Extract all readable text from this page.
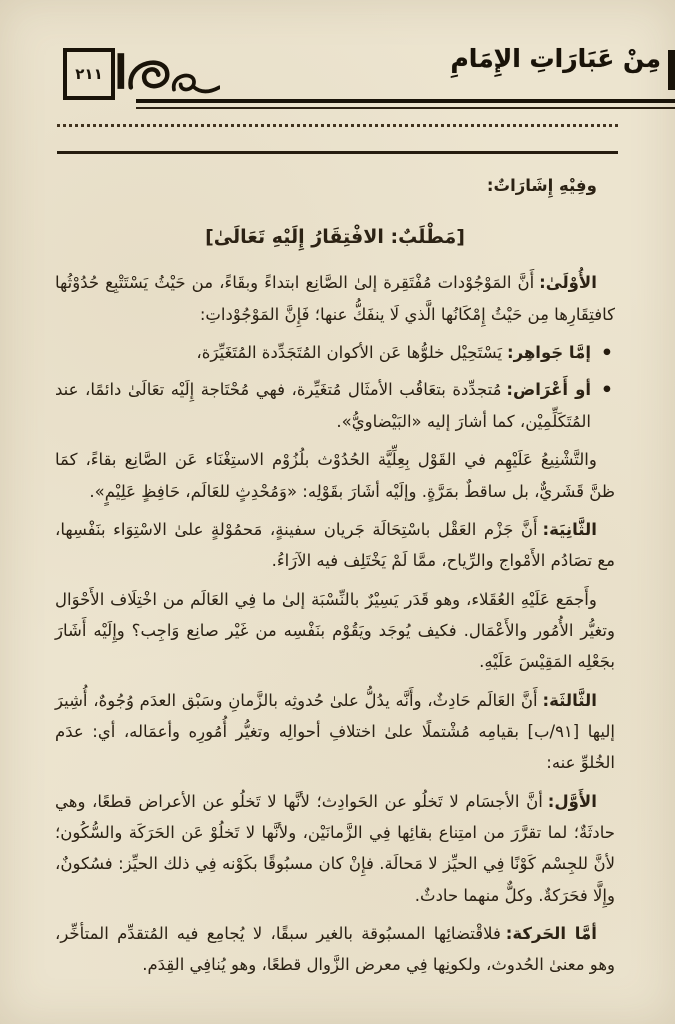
٢١١
مِنْ عَبَارَاتِ الإِمَامِ

وفِيْهِ إِشَارَاتٌ:

[مَطْلَبٌ: الافْتِقَارُ إِلَيْهِ تَعَالَىٰ]

الأُوْلَىٰ:أَنَّ المَوْجُوْدات مُفْتَقِرة إلىٰ الصَّانِع ابتداءً وبقَاءً، من حَيْثُ يَسْتَتْبِع حُدُوْثُها كافتِقَارِها مِن حَيْثُ إِمْكَانُها الَّذي لَا ينفَكُّ عنها؛ فَإِنَّ المَوْجُوْداتِ:

•
إمَّا جَواهِر:يَسْتَحِيْل خلوُّها عَن الأكوان المُتَجَدِّدة المُتَغَيِّرَة،
•
أو أَعْرَاض:مُتجدِّدة بتعَاقُب الأمثَال مُتغَيِّرة، فهي مُحْتَاجة إِلَيْه تعَالَىٰ دائمًا، عند المُتَكَلِّمِيْن، كما أشارَ إليه «البَيْضاويُّ».

والتَّشْنِيعُ عَلَيْهِم في القَوْل بِعِلِّيَّة الحُدُوْث بلُزُوْم الاستِغْنَاء عَن الصَّانِع بقاءً، كمَا ظنَّ قَشَريٌّ، بل ساقطٌ بمَرَّةٍ. وإلَيْه أشَارَ بقَوْلِه: «وَمُحْدِثٍ للعَالَم، حَافِظٍ عَلِيْمٍ».

الثَّانِيَة:أَنَّ جَزْم العَقْل باسْتِحَالَة جَريان سفينةٍ، مَحمُوْلةٍ علىٰ الاسْتِوَاء بنَفْسِها، مع تصَادُم الأَمْواج والرِّياح، ممَّا لَمْ يَخْتَلِف فيه الآرَاءُ.

وأَجمَع عَلَيْهِ العُقَلاء، وهو قَدَر يَسِيْرٌ بالنِّسْبَة إلىٰ ما فِي العَالَم من اخْتِلَاف الأَحْوَال وتغيُّر الأُمُور والأَعْمَال. فكيف يُوجَد ويَقُوْم بنَفْسِه من غَيْر صانِع وَاجِب؟ وإِلَيْه أَشَارَ بجَعْلِه المَقِيْسَ عَلَيْهِ.

الثَّالثَة:أَنَّ العَالَم حَادِثٌ، وأَنَّه يدُلُّ علىٰ حُدوثِه بالزَّمانِ وسَبْق العدَم وُجُوهٌ، أُشِيرَ إليها [٩١/ب] بقيامِه مُشْتملًا علىٰ اختلافِ أحوالِه وتغيُّر أُمُورِه وأعمَاله، أي: عدَم الخُلوِّ عنه:

الأَوَّل:أنَّ الأجسَام لا تَخلُو عن الحَوادِث؛ لأنَّها لا تَخلُو عن الأعراض قطعًا، وهي حادثَةٌ؛ لما تقرَّرَ من امتِناع بقائِها فِي الزَّمانَيْن، ولأنَّها لا تَخلُوْ عَن الحَرَكَة والسُّكُون؛ لأنَّ للجِسْم كَوْنًا فِي الحيِّز لا مَحالَة. فإِنْ كان مسبُوقًا بكَوْنه فِي ذلك الحيِّز: فسُكونٌ، وإِلَّا فحَرَكةٌ. وكلٌّ منهما حادثٌ.

أمَّا الحَركة:فلاقْتضائِها المسبُوقة بالغير سبقًا، لا يُجامِع فيه المُتقدِّم المتأخِّر، وهو معنىٰ الحُدوث، ولكونِها فِي معرض الزَّوال قطعًا، وهو يُنافِي القِدَم.
